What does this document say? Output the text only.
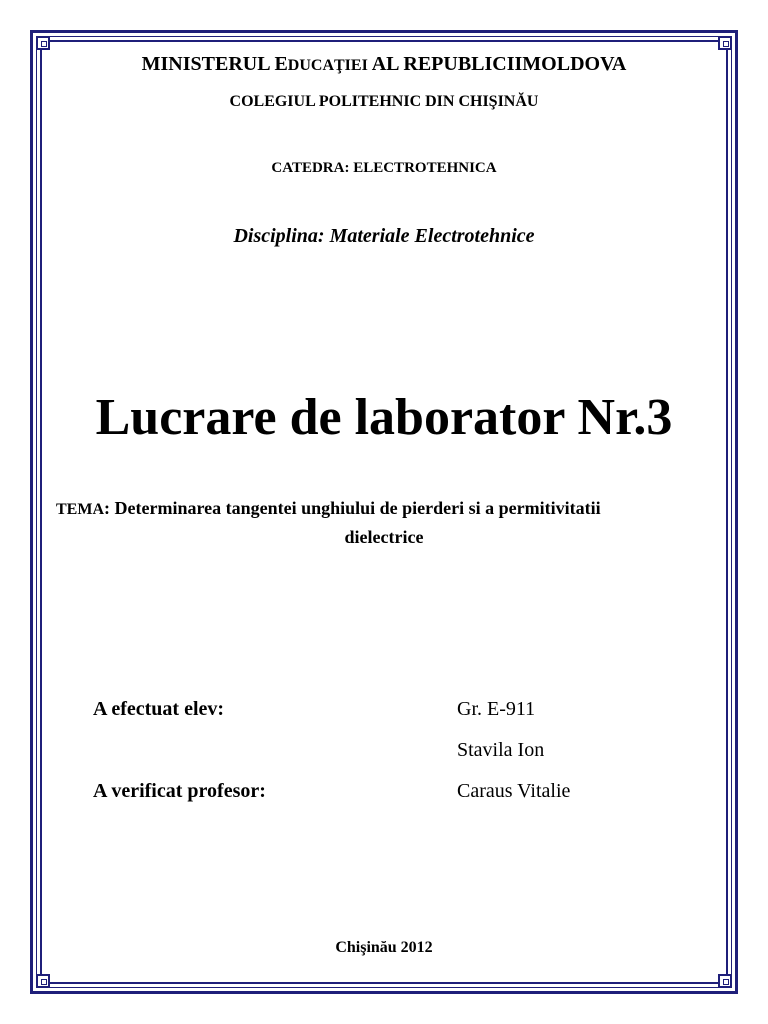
MINISTERUL EDUCAŢIEI AL REPUBLICIIMOLDOVA
COLEGIUL POLITEHNIC DIN CHIŞINĂU
CATEDRA: ELECTROTEHNICA
Disciplina: Materiale Electrotehnice
Lucrare de laborator Nr.3
TEMA: Determinarea tangentei unghiului de pierderi si a permitivitatii
dielectrice
A efectuat elev:	Gr. E-911
Stavila Ion
A verificat profesor:	Caraus Vitalie
Chişinău 2012
